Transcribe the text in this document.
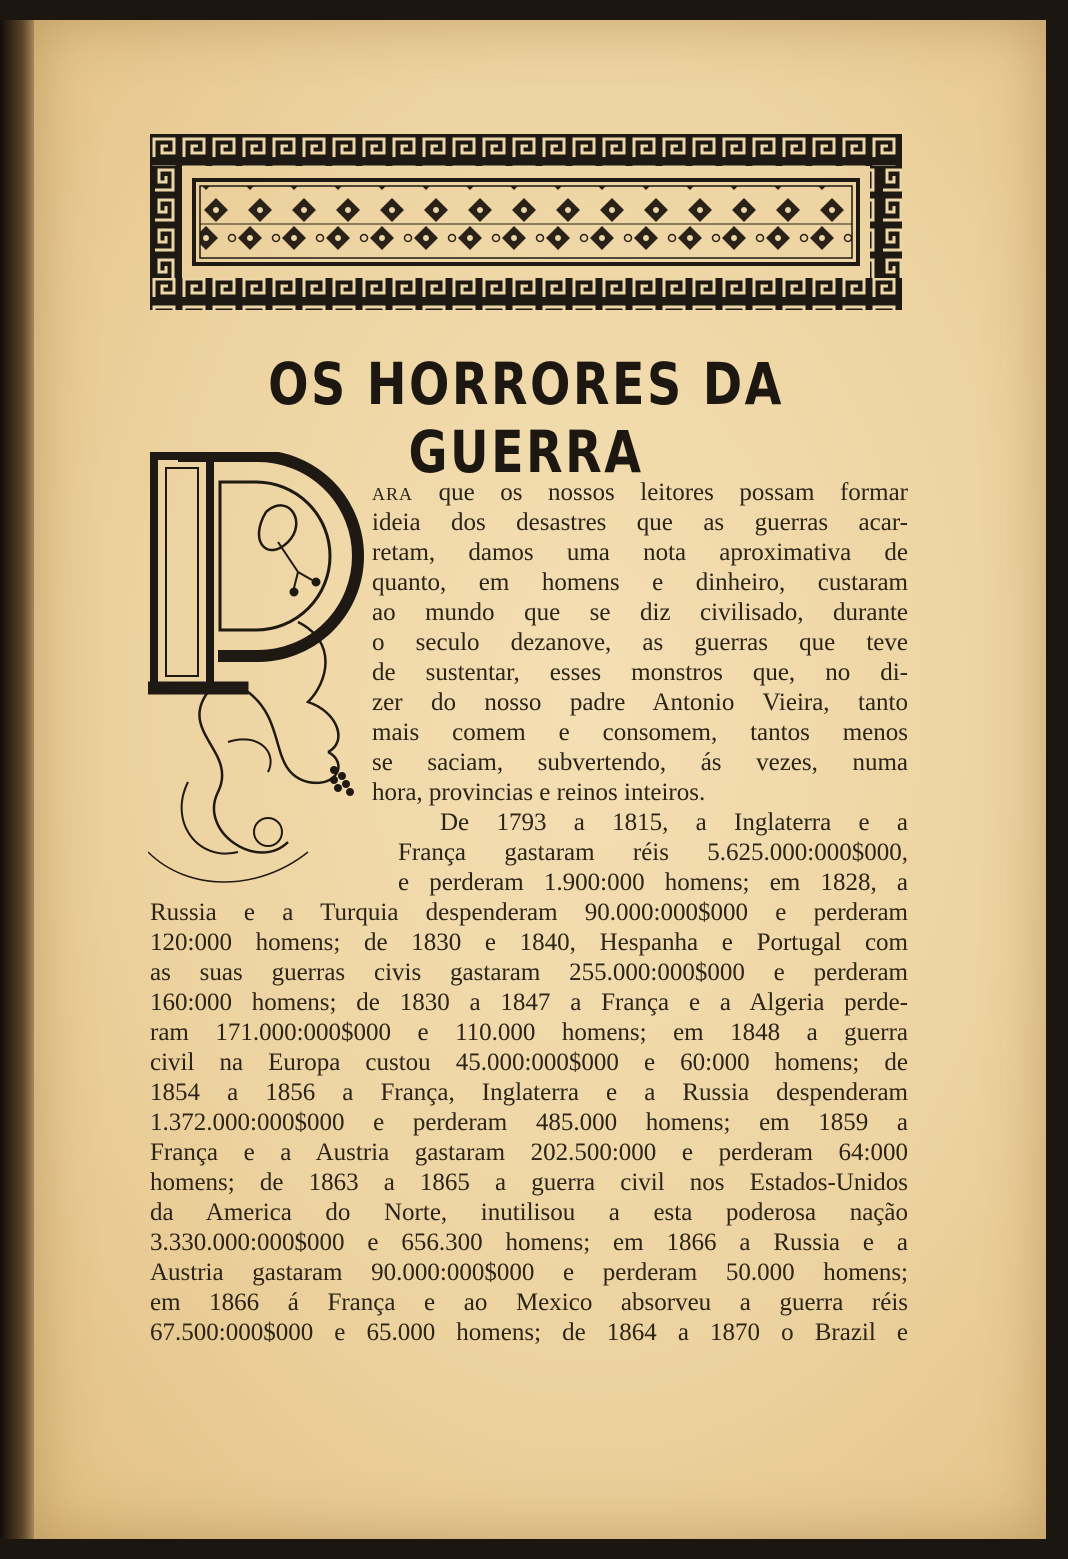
OS HORRORES DA GUERRA
ARA que os nossos leitores possam formar
ideia dos desastres que as guerras acar-
retam, damos uma nota aproximativa de
quanto, em homens e dinheiro, custaram
ao mundo que se diz civilisado, durante
o seculo dezanove, as guerras que teve
de sustentar, esses monstros que, no di-
zer do nosso padre Antonio Vieira, tanto
mais comem e consomem, tantos menos
se saciam, subvertendo, ás vezes, numa
hora, provincias e reinos inteiros.
De 1793 a 1815, a Inglaterra e a
França gastaram réis 5.625.000:000$000,
e perderam 1.900:000 homens; em 1828, a
Russia e a Turquia despenderam 90.000:000$000 e perderam
120:000 homens; de 1830 e 1840, Hespanha e Portugal com
as suas guerras civis gastaram 255.000:000$000 e perderam
160:000 homens; de 1830 a 1847 a França e a Algeria perde-
ram 171.000:000$000 e 110.000 homens; em 1848 a guerra
civil na Europa custou 45.000:000$000 e 60:000 homens; de
1854 a 1856 a França, Inglaterra e a Russia despenderam
1.372.000:000$000 e perderam 485.000 homens; em 1859 a
França e a Austria gastaram 202.500:000 e perderam 64:000
homens; de 1863 a 1865 a guerra civil nos Estados-Unidos
da America do Norte, inutilisou a esta poderosa nação
3.330.000:000$000 e 656.300 homens; em 1866 a Russia e a
Austria gastaram 90.000:000$000 e perderam 50.000 homens;
em 1866 á França e ao Mexico absorveu a guerra réis
67.500:000$000 e 65.000 homens; de 1864 a 1870 o Brazil e
